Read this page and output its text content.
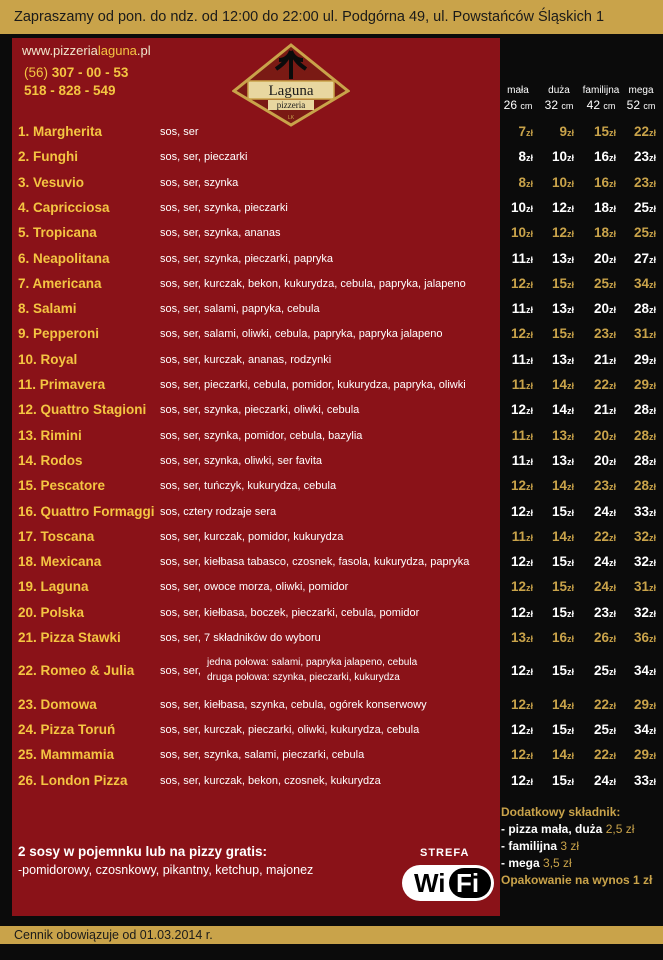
Zapraszamy od pon. do ndz. od 12:00 do 22:00 ul. Podgórna 49, ul. Powstańców Śląskich 1
www.pizzerialaguna.pl
(56) 307 - 00 - 53
518 - 828 - 549	Laguna
pizzeria
LK
mała
26 cm
duża
32 cm
familijna
42 cm
mega
52 cm
1. Margherita	sos, ser	7zł	9zł	15zł	22zł
2. Funghi	sos, ser, pieczarki	8zł	10zł	16zł	23zł
3. Vesuvio	sos, ser, szynka	8zł	10zł	16zł	23zł
4. Capricciosa	sos, ser, szynka, pieczarki	10zł	12zł	18zł	25zł
5. Tropicana	sos, ser, szynka, ananas	10zł	12zł	18zł	25zł
6. Neapolitana	sos, ser, szynka, pieczarki, papryka	11zł	13zł	20zł	27zł
7. Americana	sos, ser, kurczak, bekon, kukurydza, cebula, papryka, jalapeno	12zł	15zł	25zł	34zł
8. Salami	sos, ser, salami, papryka, cebula	11zł	13zł	20zł	28zł
9. Pepperoni	sos, ser, salami, oliwki, cebula, papryka, papryka jalapeno	12zł	15zł	23zł	31zł
10. Royal	sos, ser, kurczak, ananas, rodzynki	11zł	13zł	21zł	29zł
11. Primavera	sos, ser, pieczarki, cebula, pomidor, kukurydza, papryka, oliwki	11zł	14zł	22zł	29zł
12. Quattro Stagioni sos, ser, szynka, pieczarki, oliwki, cebula	12zł	14zł	21zł	28zł
13. Rimini	sos, ser, szynka, pomidor, cebula, bazylia	11zł	13zł	20zł	28zł
14. Rodos	sos, ser, szynka, oliwki, ser favita	11zł	13zł	20zł	28zł
15. Pescatore	sos, ser, tuńczyk, kukurydza, cebula	12zł	14zł	23zł	28zł
16. Quattro Formaggi sos, cztery rodzaje sera	12zł	15zł	24zł	33zł
17. Toscana	sos, ser, kurczak, pomidor, kukurydza	11zł	14zł	22zł	32zł
18. Mexicana	sos, ser, kiełbasa tabasco, czosnek, fasola, kukurydza, papryka	12zł	15zł	24zł	32zł
19. Laguna	sos, ser, owoce morza, oliwki, pomidor	12zł	15zł	24zł	31zł
20. Polska	sos, ser, kiełbasa, boczek, pieczarki, cebula, pomidor	12zł	15zł	23zł	32zł
21. Pizza Stawki	sos, ser, 7 składników do wyboru	13zł	16zł	26zł	36zł
22. Romeo & Julia sos, ser,
jedna połowa: salami, papryka jalapeno, cebula
druga połowa: szynka, pieczarki, kukurydza	12zł	15zł	25zł	34zł
23. Domowa	sos, ser, kiełbasa, szynka, cebula, ogórek konserwowy	12zł	14zł	22zł	29zł
24. Pizza Toruń	sos, ser, kurczak, pieczarki, oliwki, kukurydza, cebula	12zł	15zł	25zł	34zł
25. Mammamia	sos, ser, szynka, salami, pieczarki, cebula	12zł	14zł	22zł	29zł
26. London Pizza	sos, ser, kurczak, bekon, czosnek, kukurydza	12zł	15zł	24zł	33zł
2 sosy w pojemnku lub na pizzy gratis:
-pomidorowy, czosnkowy, pikantny, ketchup, majonez
STREFA
Wi Fi
Dodatkowy składnik:
- pizza mała, duża 2,5 zł
- familijna 3 zł
- mega 3,5 zł
Opakowanie na wynos 1 zł
Cennik obowiązuje od 01.03.2014 r.
